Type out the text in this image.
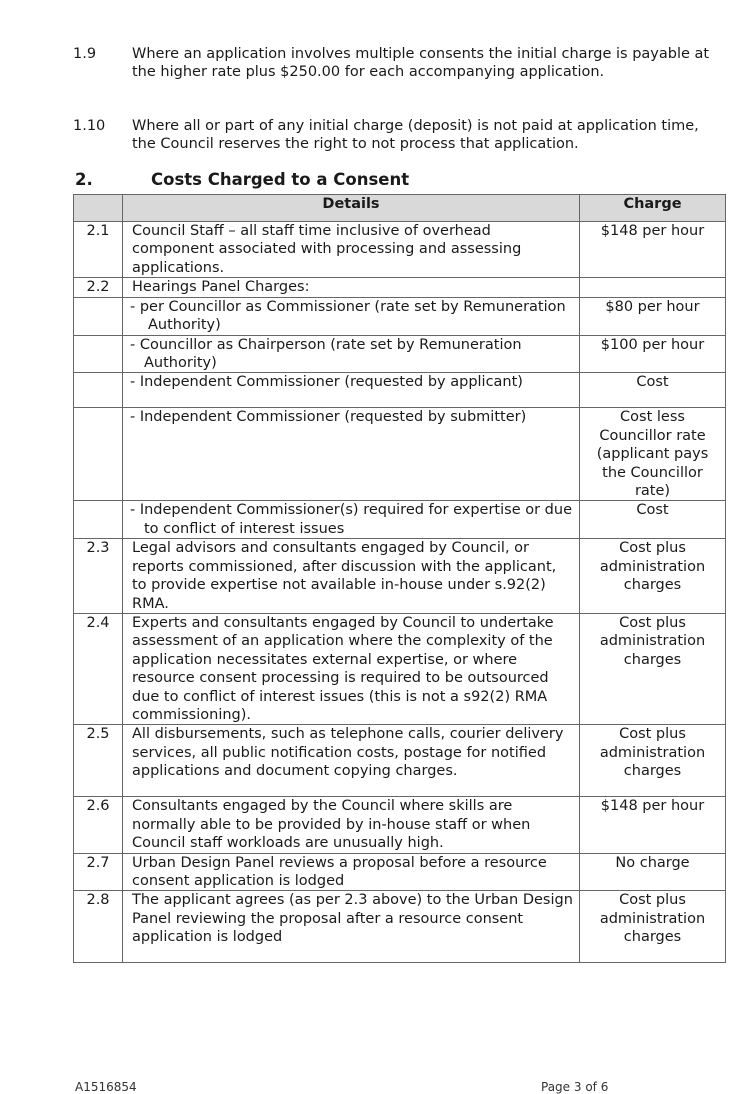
1.9 Where an application involves multiple consents the initial charge is payable at the higher rate plus $250.00 for each accompanying application.
1.10 Where all or part of any initial charge (deposit) is not paid at application time, the Council reserves the right to not process that application.
2.	Costs Charged to a Consent
	Details	Charge
2.1	Council Staff – all staff time inclusive of overhead component associated with processing and assessing applications.	$148 per hour
2.2	Hearings Panel Charges:	
	- per Councillor as Commissioner (rate set by Remuneration Authority)	$80 per hour
	- Councillor as Chairperson (rate set by Remuneration Authority)	$100 per hour
	- Independent Commissioner (requested by applicant)	Cost
	- Independent Commissioner (requested by submitter)	Cost less Councillor rate (applicant pays the Councillor rate)
	- Independent Commissioner(s) required for expertise or due to conflict of interest issues	Cost
2.3	Legal advisors and consultants engaged by Council, or reports commissioned, after discussion with the applicant, to provide expertise not available in-house under s.92(2) RMA.	Cost plus administration charges
2.4	Experts and consultants engaged by Council to undertake assessment of an application where the complexity of the application necessitates external expertise, or where resource consent processing is required to be outsourced due to conflict of interest issues (this is not a s92(2) RMA commissioning).	Cost plus administration charges
2.5	All disbursements, such as telephone calls, courier delivery services, all public notification costs, postage for notified applications and document copying charges.	Cost plus administration charges
2.6	Consultants engaged by the Council where skills are normally able to be provided by in-house staff or when Council staff workloads are unusually high.	$148 per hour
2.7	Urban Design Panel reviews a proposal before a resource consent application is lodged	No charge
2.8	The applicant agrees (as per 2.3 above) to the Urban Design Panel reviewing the proposal after a resource consent application is lodged	Cost plus administration charges
A1516854	Page 3 of 6
